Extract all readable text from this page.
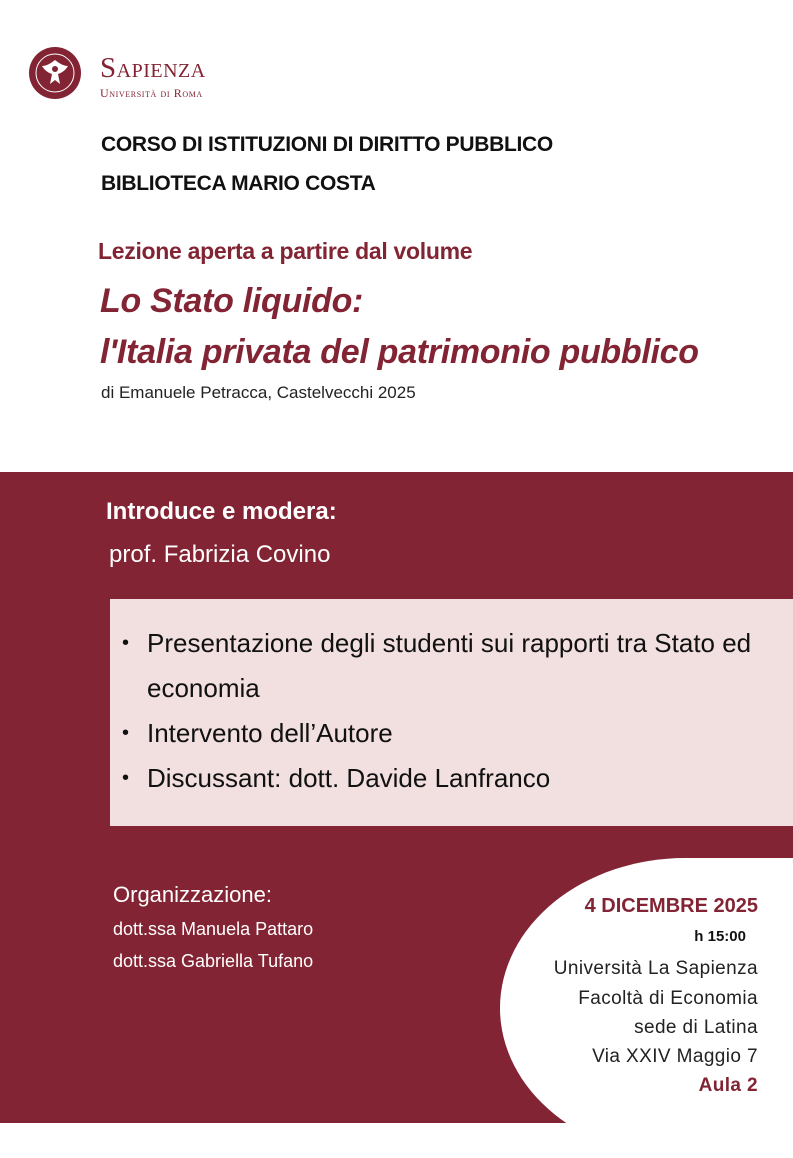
Sapienza
Università di Roma
CORSO DI ISTITUZIONI DI DIRITTO PUBBLICO
BIBLIOTECA MARIO COSTA
Lezione aperta a partire dal volume
Lo Stato liquido:
l'Italia privata del patrimonio pubblico
di Emanuele Petracca, Castelvecchi 2025
Introduce e modera:
prof. Fabrizia Covino
• Presentazione degli studenti sui rapporti tra Stato ed economia
• Intervento dell’Autore
• Discussant: dott. Davide Lanfranco
Organizzazione:
dott.ssa Manuela Pattaro
dott.ssa Gabriella Tufano
4 DICEMBRE 2025
h 15:00
Università La Sapienza
Facoltà di Economia
sede di Latina
Via XXIV Maggio 7
Aula 2
